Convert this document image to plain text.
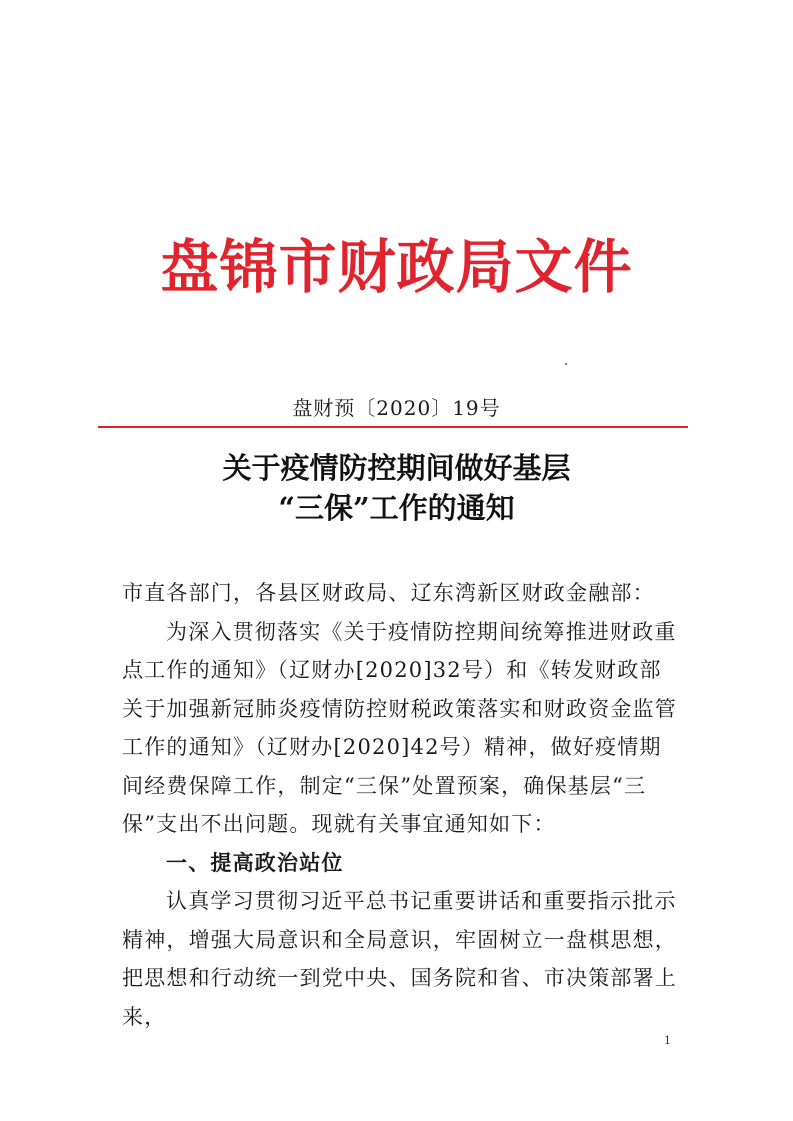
盘锦市财政局文件
盘财预〔2020〕19号
关于疫情防控期间做好基层
“三保”工作的通知

市直各部门，各县区财政局、辽东湾新区财政金融部：

为深入贯彻落实《关于疫情防控期间统筹推进财政重点工作的通知》（辽财办[2020]32号）和《转发财政部关于加强新冠肺炎疫情防控财税政策落实和财政资金监管工作的通知》（辽财办[2020]42号）精神，做好疫情期间经费保障工作，制定“三保”处置预案，确保基层“三保”支出不出问题。现就有关事宜通知如下：

一、提高政治站位

认真学习贯彻习近平总书记重要讲话和重要指示批示精神，增强大局意识和全局意识，牢固树立一盘棋思想，把思想和行动统一到党中央、国务院和省、市决策部署上来，

1
